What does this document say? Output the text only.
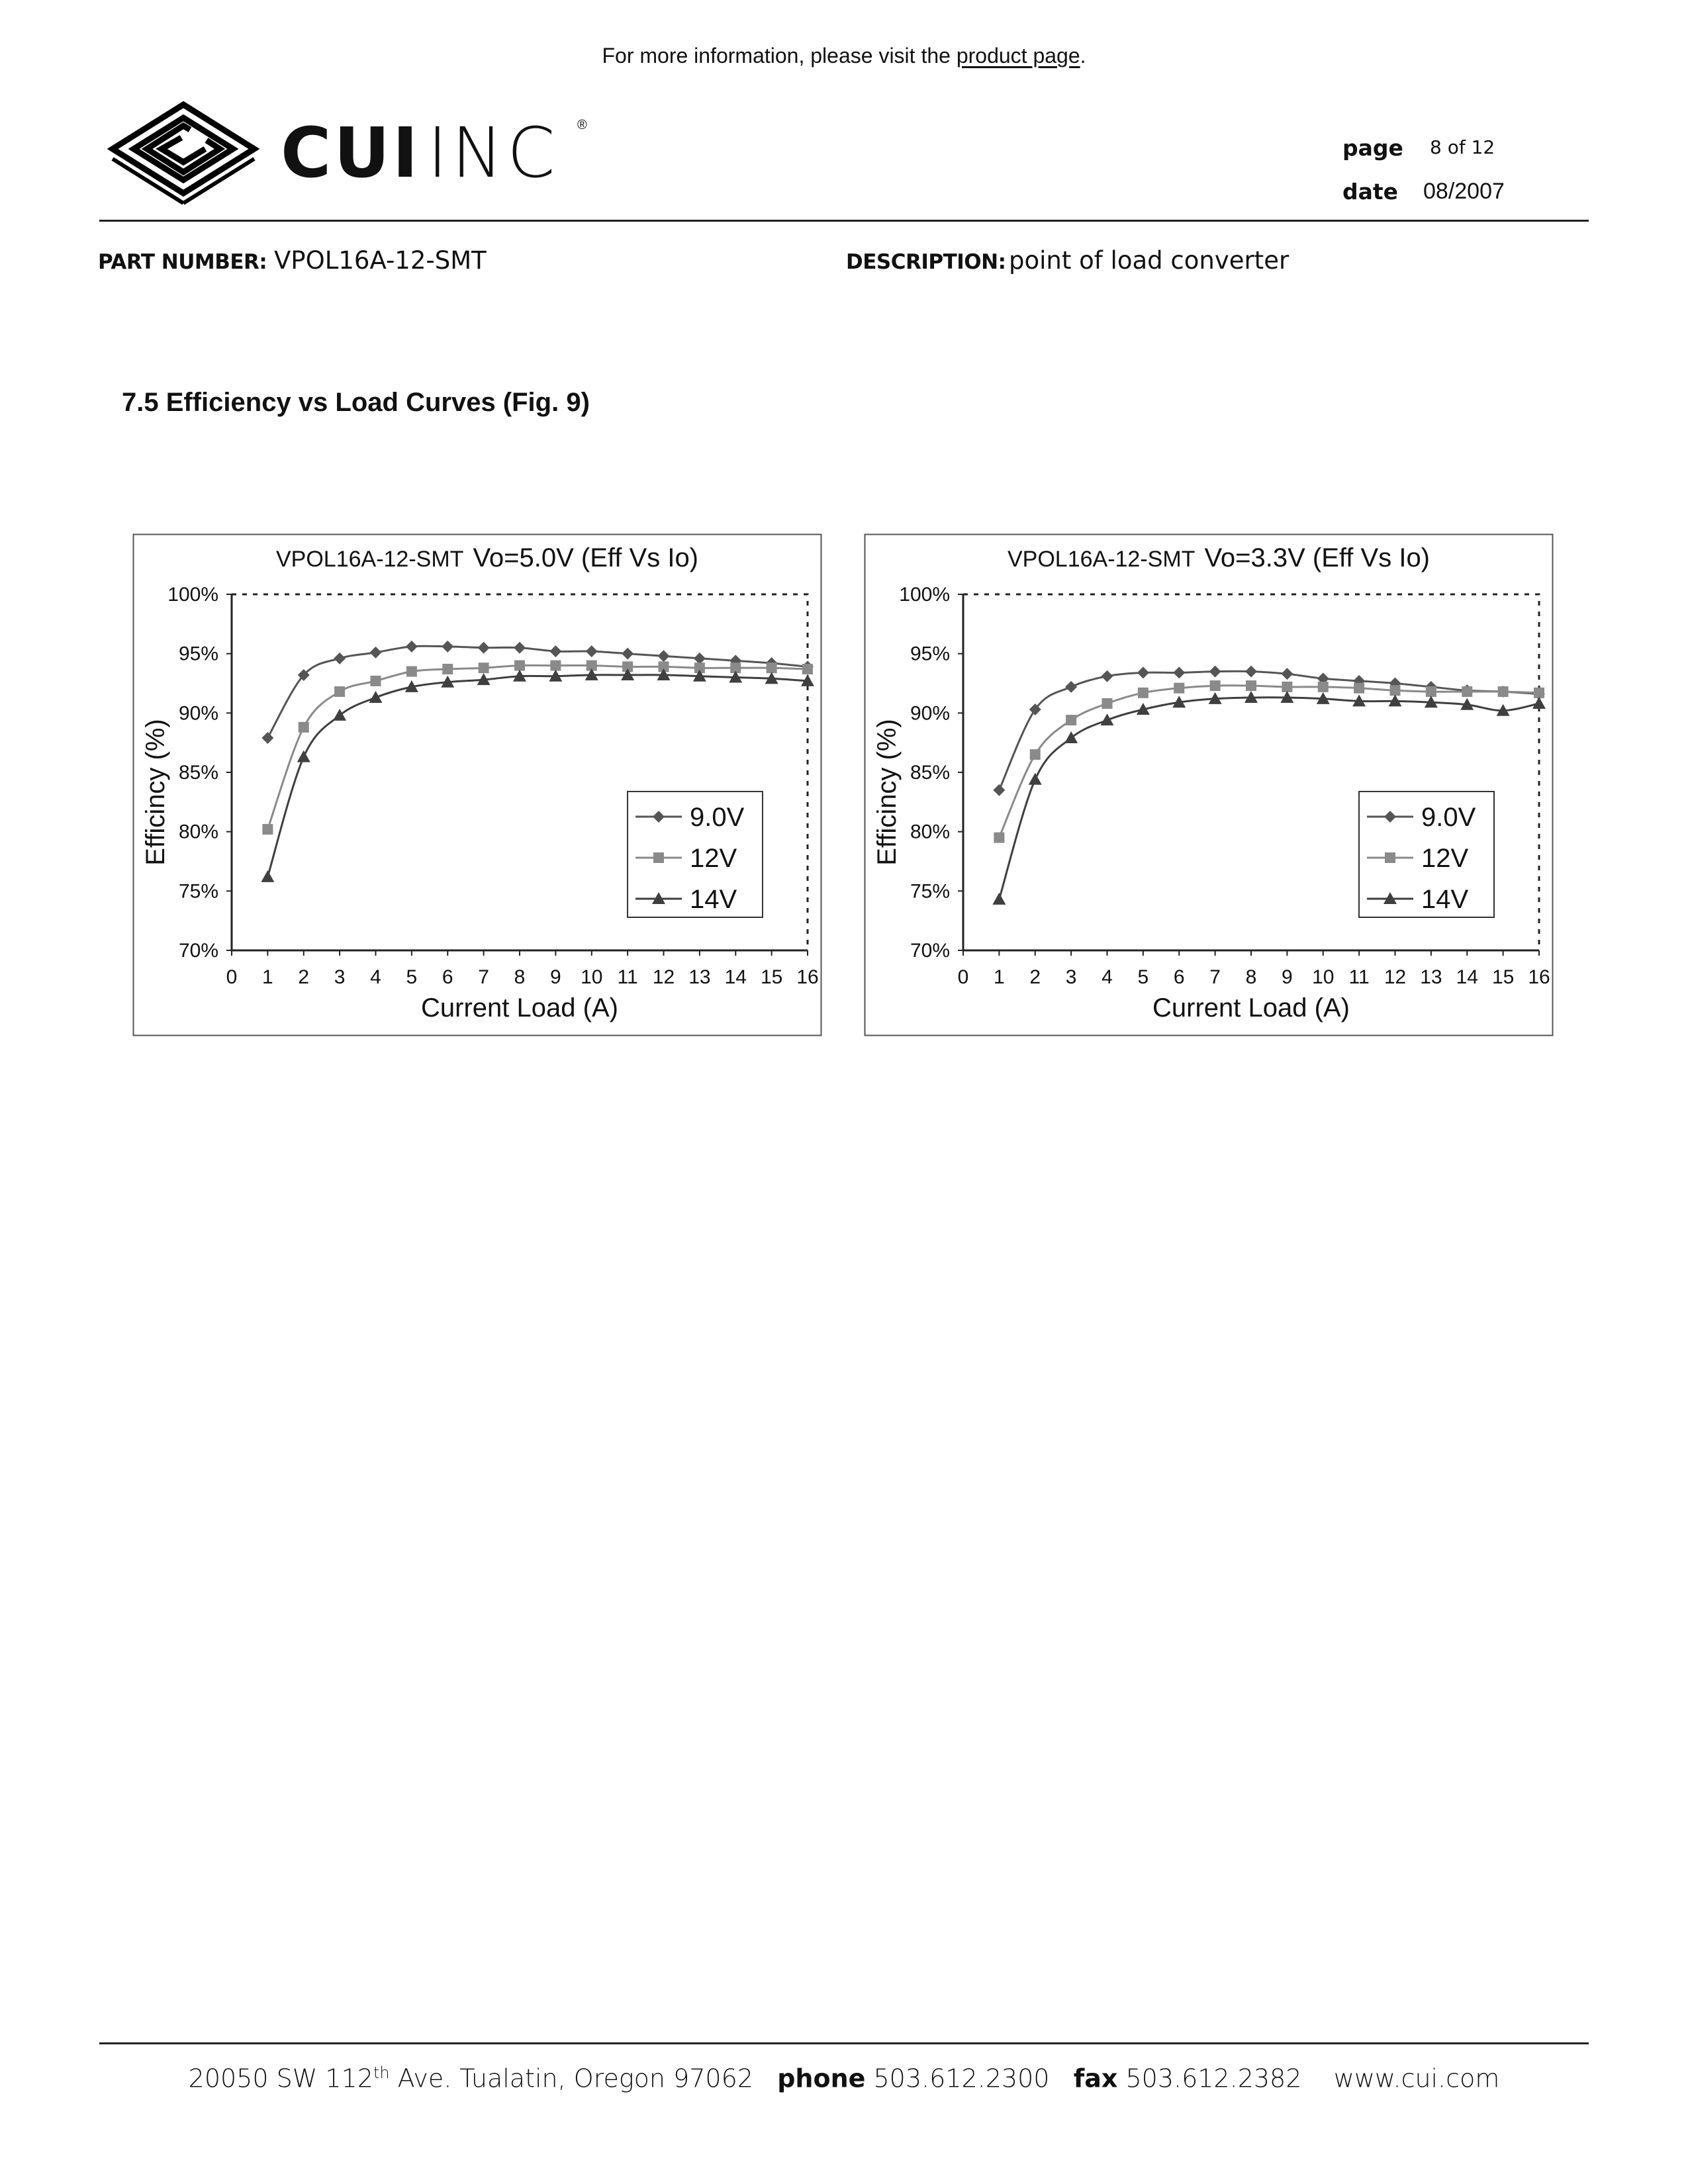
For more information, please visit the product page.
CUIINC ®
page 8 of 12
date 08/2007
PART NUMBER: VPOL16A-12-SMT	DESCRIPTION: point of load converter
7.5 Efficiency vs Load Curves (Fig. 9)
VPOL16A-12-SMT Vo=5.0V (Eff Vs Io)
70%
75%
80%
85%
90%
95%
100%
0 1 2 3 4 5 6 7 8 9 10 11 12 13 14 15 16
Current Load (A)
Efficincy (%)	9.0V
12V
14V
VPOL16A-12-SMT Vo=3.3V (Eff Vs Io)
70%
75%
80%
85%
90%
95%
100%
0 1 2 3 4 5 6 7 8 9 10 11 12 13 14 15 16
Current Load (A)
Efficincy (%)	9.0V
12V
14V
20050 SW 112th Ave. Tualatin, Oregon 97062 phone 503.612.2300 fax 503.612.2382 www.cui.com
